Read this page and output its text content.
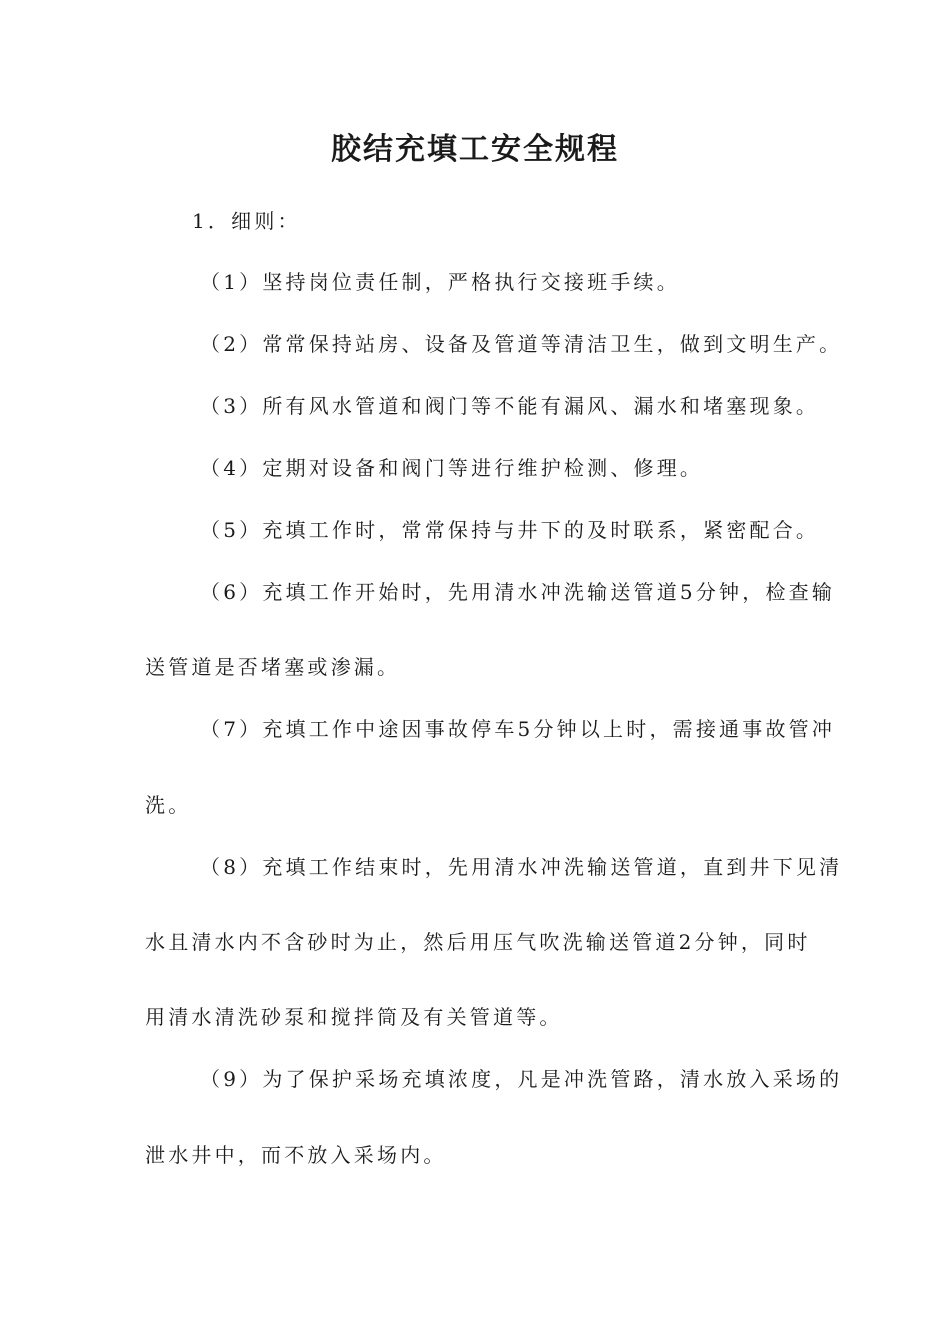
胶结充填工安全规程
1．细则：
（1）坚持岗位责任制，严格执行交接班手续。
（2）常常保持站房、设备及管道等清洁卫生，做到文明生产。
（3）所有风水管道和阀门等不能有漏风、漏水和堵塞现象。
（4）定期对设备和阀门等进行维护检测、修理。
（5）充填工作时，常常保持与井下的及时联系，紧密配合。
（6）充填工作开始时，先用清水冲洗输送管道5分钟，检查输
送管道是否堵塞或渗漏。
（7）充填工作中途因事故停车5分钟以上时，需接通事故管冲
洗。
（8）充填工作结束时，先用清水冲洗输送管道，直到井下见清
水且清水内不含砂时为止，然后用压气吹洗输送管道2分钟，同时
用清水清洗砂泵和搅拌筒及有关管道等。
（9）为了保护采场充填浓度，凡是冲洗管路，清水放入采场的
泄水井中，而不放入采场内。
